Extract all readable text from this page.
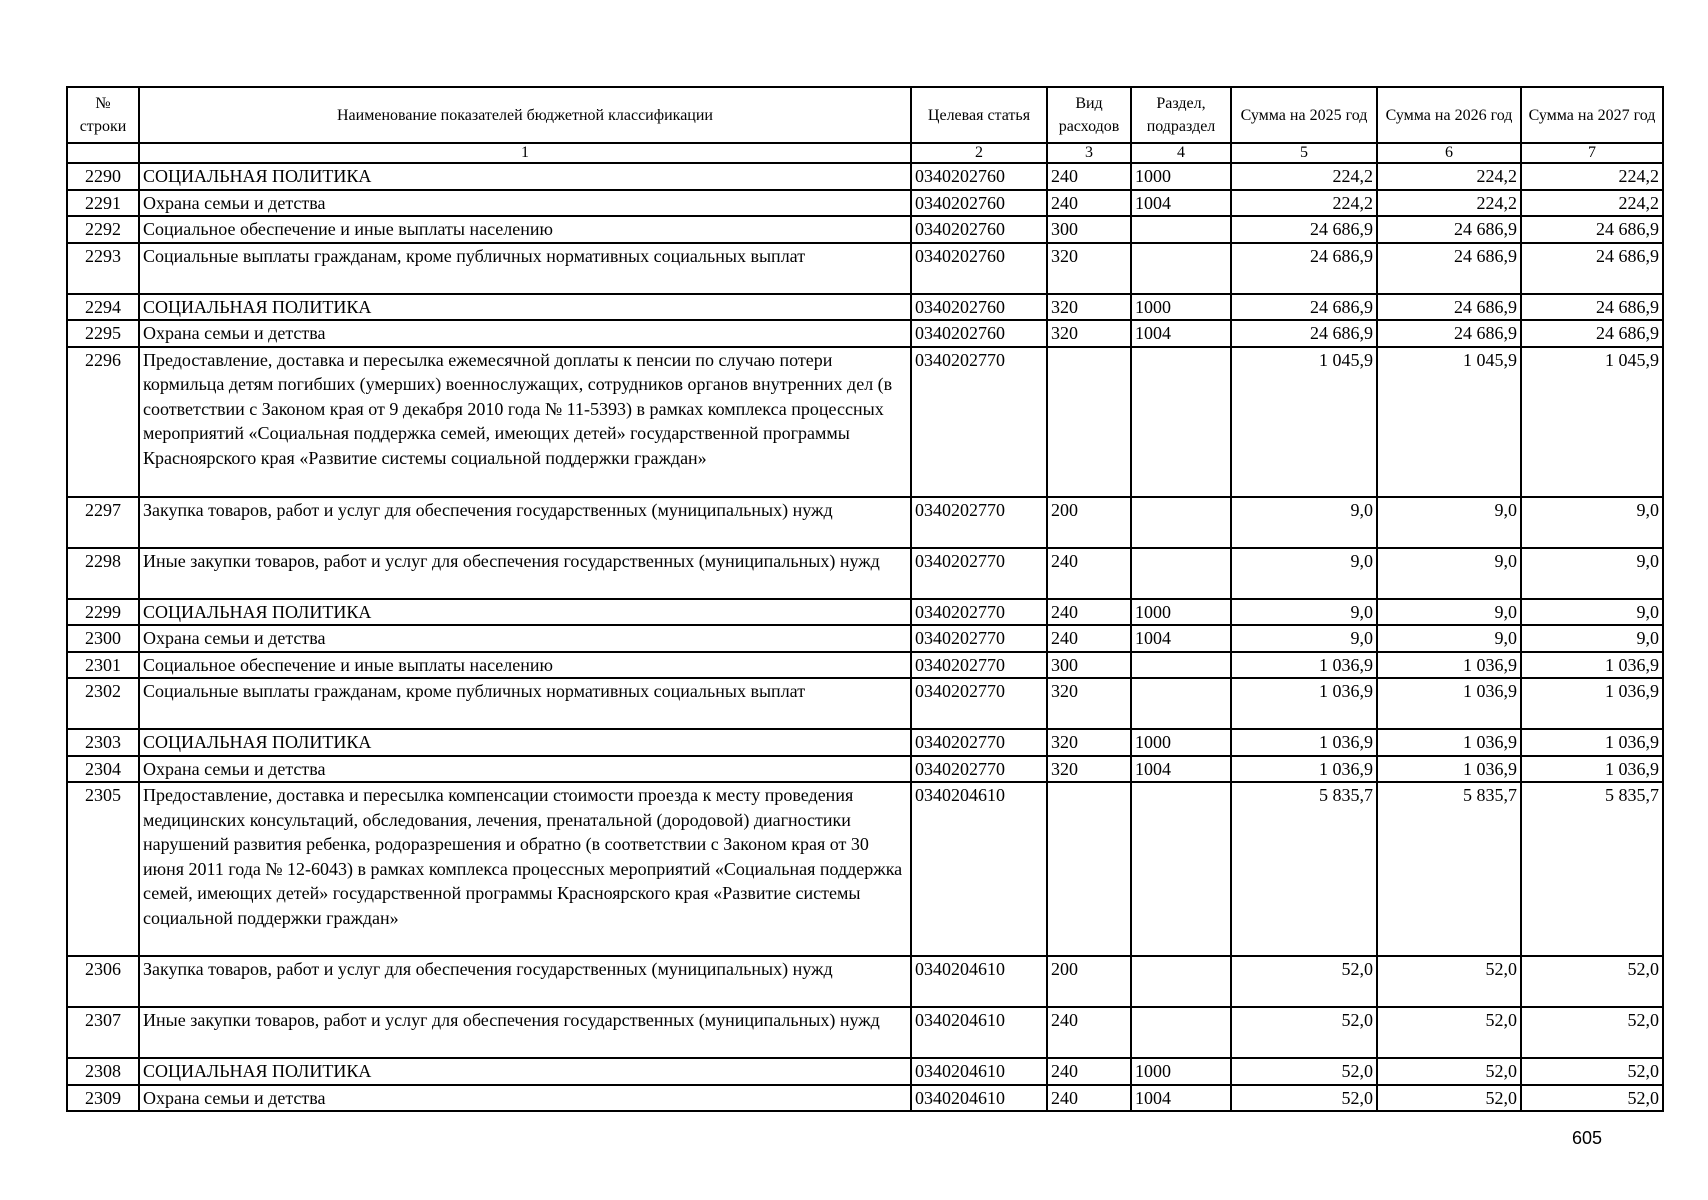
№ строки	Наименование показателей бюджетной классификации	Целевая статья	Вид расходов	Раздел, подраздел	Сумма на 2025 год	Сумма на 2026 год	Сумма на 2027 год
	1	2	3	4	5	6	7
2290	СОЦИАЛЬНАЯ ПОЛИТИКА	0340202760	240	1000	224,2	224,2	224,2
2291	Охрана семьи и детства	0340202760	240	1004	224,2	224,2	224,2
2292	Социальное обеспечение и иные выплаты населению	0340202760	300		24 686,9	24 686,9	24 686,9
2293	Социальные выплаты гражданам, кроме публичных нормативных социальных выплат	0340202760	320		24 686,9	24 686,9	24 686,9
2294	СОЦИАЛЬНАЯ ПОЛИТИКА	0340202760	320	1000	24 686,9	24 686,9	24 686,9
2295	Охрана семьи и детства	0340202760	320	1004	24 686,9	24 686,9	24 686,9
2296	Предоставление, доставка и пересылка ежемесячной доплаты к пенсии по случаю потери кормильца детям погибших (умерших) военнослужащих, сотрудников органов внутренних дел (в соответствии с Законом края от 9 декабря 2010 года № 11-5393) в рамках комплекса процессных мероприятий «Социальная поддержка семей, имеющих детей» государственной программы Красноярского края «Развитие системы социальной поддержки граждан»	0340202770			1 045,9	1 045,9	1 045,9
2297	Закупка товаров, работ и услуг для обеспечения государственных (муниципальных) нужд	0340202770	200		9,0	9,0	9,0
2298	Иные закупки товаров, работ и услуг для обеспечения государственных (муниципальных) нужд	0340202770	240		9,0	9,0	9,0
2299	СОЦИАЛЬНАЯ ПОЛИТИКА	0340202770	240	1000	9,0	9,0	9,0
2300	Охрана семьи и детства	0340202770	240	1004	9,0	9,0	9,0
2301	Социальное обеспечение и иные выплаты населению	0340202770	300		1 036,9	1 036,9	1 036,9
2302	Социальные выплаты гражданам, кроме публичных нормативных социальных выплат	0340202770	320		1 036,9	1 036,9	1 036,9
2303	СОЦИАЛЬНАЯ ПОЛИТИКА	0340202770	320	1000	1 036,9	1 036,9	1 036,9
2304	Охрана семьи и детства	0340202770	320	1004	1 036,9	1 036,9	1 036,9
2305	Предоставление, доставка и пересылка компенсации стоимости проезда к месту проведения медицинских консультаций, обследования, лечения, пренатальной (дородовой) диагностики нарушений развития ребенка, родоразрешения и обратно (в соответствии с Законом края от 30 июня 2011 года № 12-6043) в рамках комплекса процессных мероприятий «Социальная поддержка семей, имеющих детей» государственной программы Красноярского края «Развитие системы социальной поддержки граждан»	0340204610			5 835,7	5 835,7	5 835,7
2306	Закупка товаров, работ и услуг для обеспечения государственных (муниципальных) нужд	0340204610	200		52,0	52,0	52,0
2307	Иные закупки товаров, работ и услуг для обеспечения государственных (муниципальных) нужд	0340204610	240		52,0	52,0	52,0
2308	СОЦИАЛЬНАЯ ПОЛИТИКА	0340204610	240	1000	52,0	52,0	52,0
2309	Охрана семьи и детства	0340204610	240	1004	52,0	52,0	52,0
605
